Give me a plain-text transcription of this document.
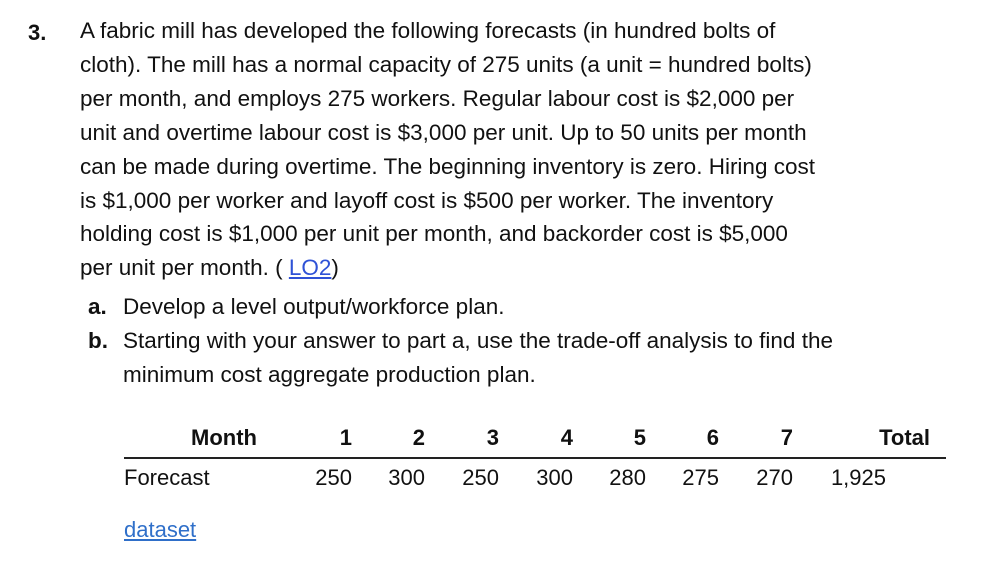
3. A fabric mill has developed the following forecasts (in hundred bolts of
cloth). The mill has a normal capacity of 275 units (a unit = hundred bolts)
per month, and employs 275 workers. Regular labour cost is $2,000 per
unit and overtime labour cost is $3,000 per unit. Up to 50 units per month
can be made during overtime. The beginning inventory is zero. Hiring cost
is $1,000 per worker and layoff cost is $500 per worker. The inventory
holding cost is $1,000 per unit per month, and backorder cost is $5,000
per unit per month. ( LO2)
a. Develop a level output/workforce plan.
b. Starting with your answer to part a, use the trade-off analysis to find the
minimum cost aggregate production plan.
Month	1	2	3	4	5	6	7	Total
Forecast	250 300 250 300 280 275 270 1,925
dataset
